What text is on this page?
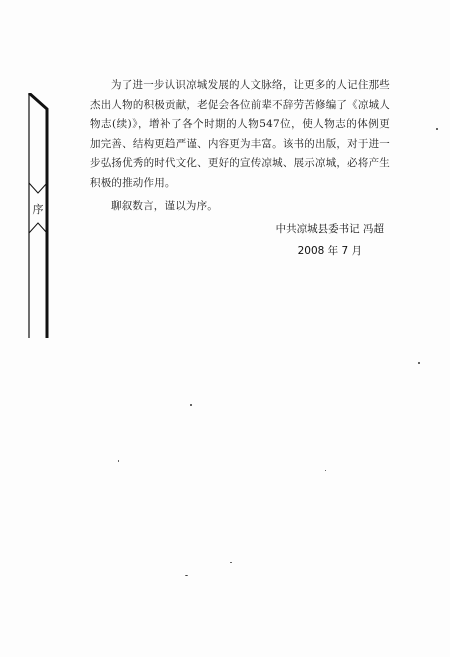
序

为了进一步认识凉城发展的人文脉络，让更多的人记住那些杰出人物的积极贡献，老促会各位前辈不辞劳苦修编了《凉城人物志(续)》，增补了各个时期的人物547位，使人物志的体例更加完善、结构更趋严谨、内容更为丰富。该书的出版，对于进一步弘扬优秀的时代文化、更好的宣传凉城、展示凉城，必将产生积极的推动作用。

聊叙数言，谨以为序。

中共凉城县委书记 冯超
2008 年 7 月
